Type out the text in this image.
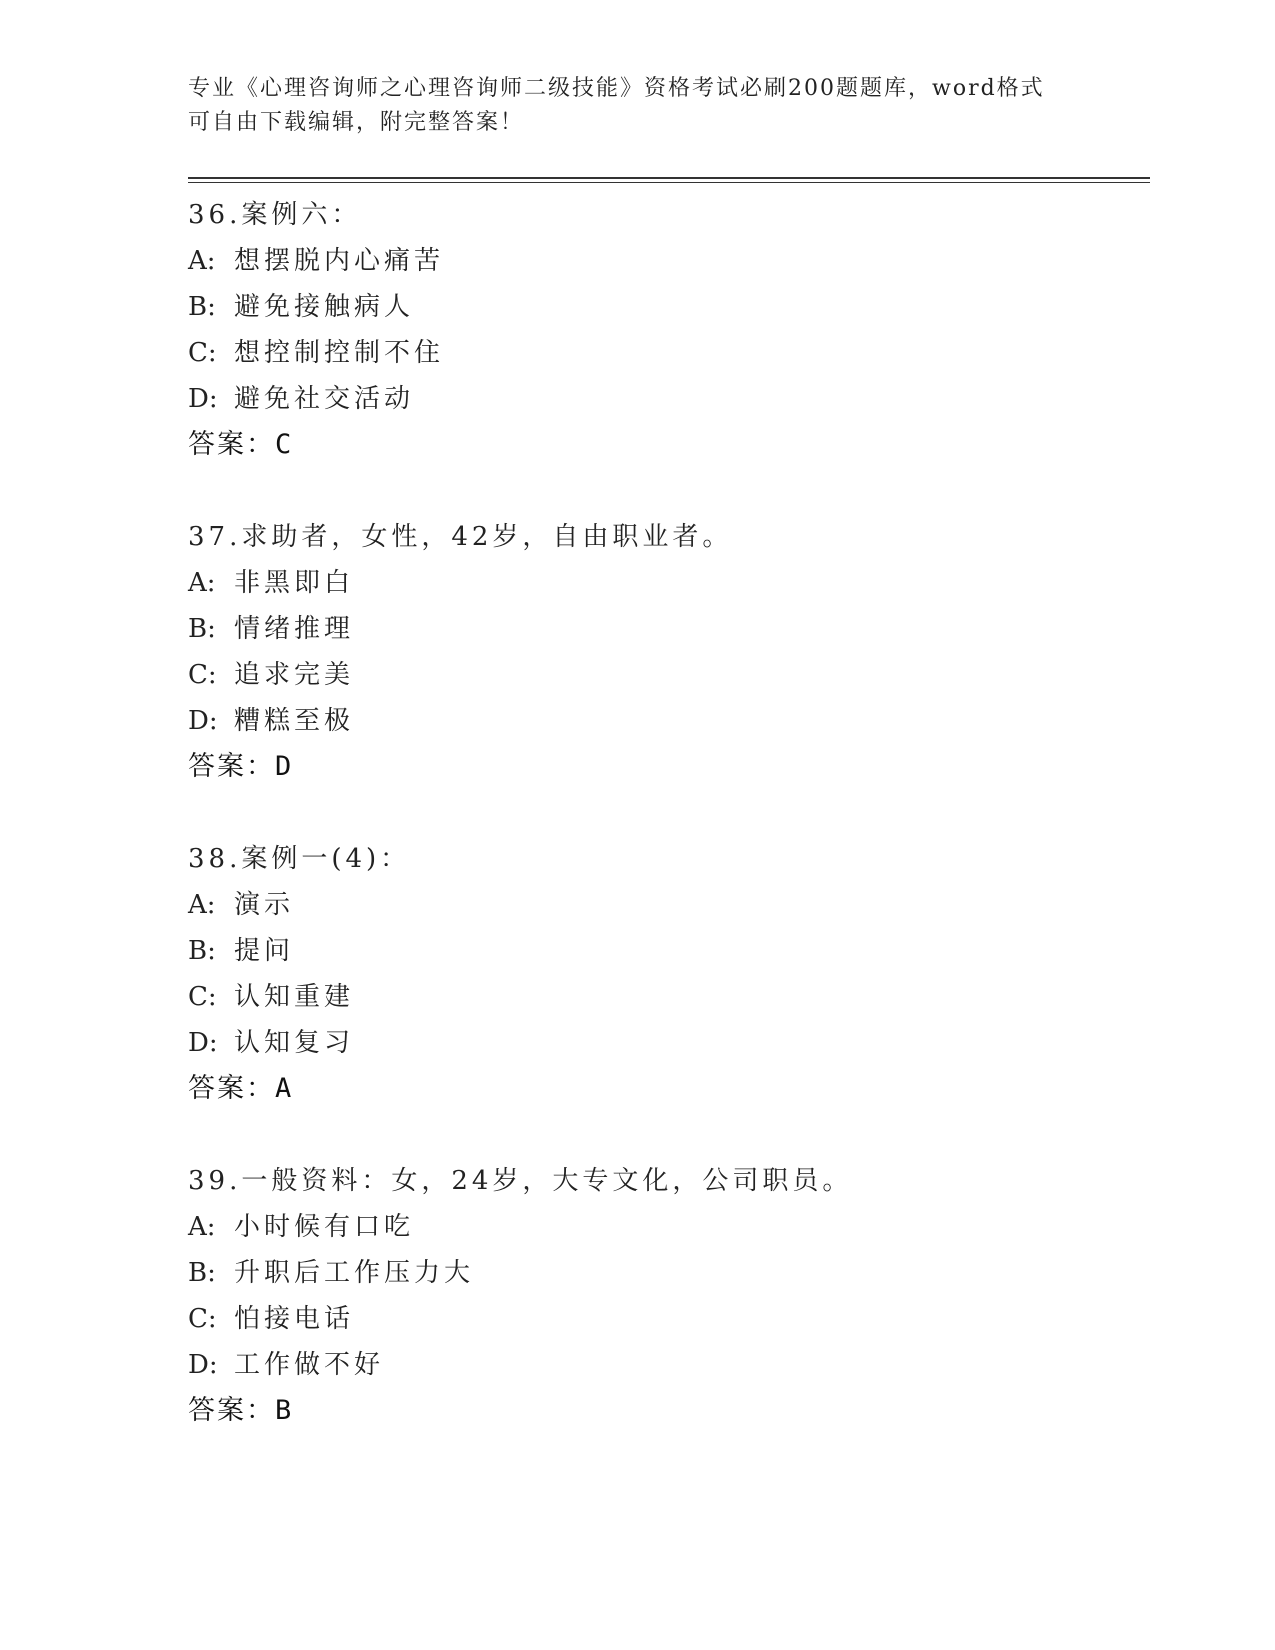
专业《心理咨询师之心理咨询师二级技能》资格考试必刷200题题库，word格式
可自由下载编辑，附完整答案！
36.案例六：
A: 想摆脱内心痛苦
B: 避免接触病人
C: 想控制控制不住
D: 避免社交活动
答案：C
37.求助者，女性，42岁，自由职业者。
A: 非黑即白
B: 情绪推理
C: 追求完美
D: 糟糕至极
答案：D
38.案例一(4)：
A: 演示
B: 提问
C: 认知重建
D: 认知复习
答案：A
39.一般资料：女，24岁，大专文化，公司职员。
A: 小时候有口吃
B: 升职后工作压力大
C: 怕接电话
D: 工作做不好
答案：B
